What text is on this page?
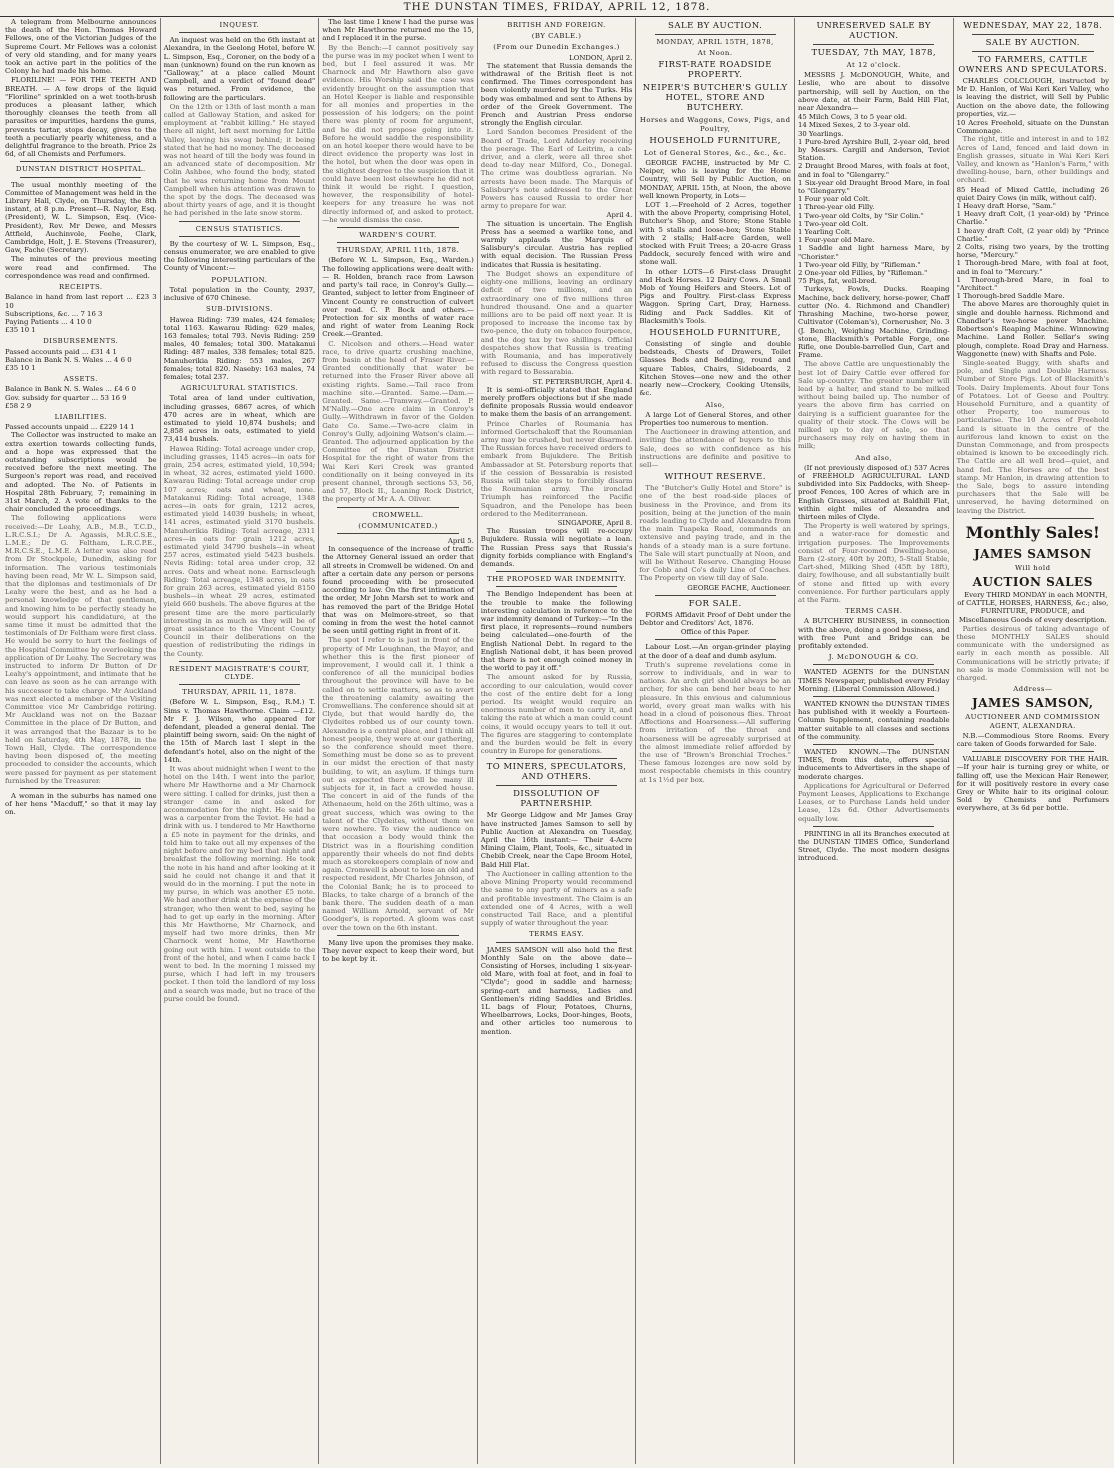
THE DUNSTAN TIMES, FRIDAY, APRIL 12, 1878.
A telegram from Melbourne announces the death of the Hon. Thomas Howard Fellows, one of the Victorian Judges of the Supreme Court. Mr Fellows was a colonist of very old standing, and for many years took an active part in the politics of the Colony he had made his home.
FLORILINE! — FOR THE TEETH AND BREATH. — A few drops of the liquid "Floriline" sprinkled on a wet tooth-brush produces a pleasant lather, which thoroughly cleanses the teeth from all parasites or impurities, hardens the gums, prevents tartar, stops decay, gives to the teeth a peculiarly pearly whiteness, and a delightful fragrance to the breath. Price 2s 6d, of all Chemists and Perfumers.
DUNSTAN DISTRICT HOSPITAL.
The usual monthly meeting of the Committee of Management was held in the Library Hall, Clyde, on Thursday, the 8th instant, at 8 p.m. Present—R. Naylor, Esq. (President), W. L. Simpson, Esq. (Vice-President), Rev. Mr Dewe, and Messrs Attfield, Auchinvole, Feehe, Clark, Cambridge, Holt, J. E. Stevens (Treasurer), Gaw, Fache (Secretary).
The minutes of the previous meeting were read and confirmed. The correspondence was read and confirmed.
RECEIPTS.
Balance in hand from last report ... £23 3 10
Subscriptions, &c. ... 7 16 3
Paying Patients ... 4 10 0
£35 10 1
DISBURSEMENTS.
Passed accounts paid ... £31 4 1
Balance in Bank N. S. Wales ... 4 6 0
£35 10 1
ASSETS.
Balance in Bank N. S. Wales ... £4 6 0
Gov. subsidy for quarter ... 53 16 9
£58 2 9
LIABILITIES.
Passed accounts unpaid ... £229 14 1
The Collector was instructed to make an extra exertion towards collecting funds, and a hope was expressed that the outstanding subscriptions would be received before the next meeting. The Surgeon's report was read, and received and adopted. The No. of Patients in Hospital 28th February, 7; remaining in 31st March, 2. A vote of thanks to the chair concluded the proceedings.
The following applications were received:—Dr Leahy, A.B., M.B., T.C.D., L.R.C.S.I.; Dr A. Agassis, M.R.C.S.E., L.M.E.; Dr G. Feltham, L.R.C.P.E., M.R.C.S.E., L.M.E. A letter was also read from Dr Stockpole, Dunedin, asking for information. The various testimonials having been read, Mr W. L. Simpson said, that the diplomas and testimonials of Dr Leahy were the best, and as he had a personal knowledge of that gentleman, and knowing him to be perfectly steady he would support his candidature, at the same time it must be admitted that the testimonials of Dr Feltham were first class. He would be sorry to hurt the feelings of the Hospital Committee by overlooking the application of Dr Leahy. The Secretary was instructed to inform Dr Button of Dr Leahy's appointment, and intimate that he can leave as soon as he can arrange with his successor to take charge. Mr Auckland was next elected a member of the Visiting Committee vice Mr Cambridge retiring. Mr Auckland was not on the Bazaar Committee in the place of Dr Button, and it was arranged that the Bazaar is to be held on Saturday, 4th May, 1878, in the Town Hall, Clyde. The correspondence having been disposed of, the meeting proceeded to consider the accounts, which were passed for payment as per statement furnished by the Treasurer.
A woman in the suburbs has named one of her hens "Macduff," so that it may lay on.
INQUEST.
An inquest was held on the 6th instant at Alexandra, in the Geelong Hotel, before W. L. Simpson, Esq., Coroner, on the body of a man (unknown) found on the run known as "Galloway," at a place called Mount Campbell, and a verdict of "found dead" was returned. From evidence, the following are the particulars.
On the 12th or 13th of last month a man called at Galloway Station, and asked for employment at "rabbit killing." He stayed there all night, left next morning for Little Valley, leaving his swag behind; it being stated that he had no money. The deceased was not heard of till the body was found in an advanced state of decomposition. Mr Colin Ashbee, who found the body, stated that he was returning home from Mount Campbell when his attention was drawn to the spot by the dogs. The deceased was about thirty years of age, and it is thought he had perished in the late snow storm.
CENSUS STATISTICS.
By the courtesy of W. L. Simpson, Esq., census enumerator, we are enabled to give the following interesting particulars of the County of Vincent:—
POPULATION.
Total population in the County, 2937, inclusive of 670 Chinese.
SUB-DIVISIONS.
Hawea Riding: 739 males, 424 females; total 1163. Kawarau Riding: 629 males, 163 females; total 793. Nevis Riding: 259 males, 40 females; total 300. Matakanui Riding: 487 males, 338 females; total 825. Manuherikia Riding: 553 males, 267 females; total 820. Naseby: 163 males, 74 females; total 237.
AGRICULTURAL STATISTICS.
Total area of land under cultivation, including grasses, 6867 acres, of which 470 acres are in wheat, which are estimated to yield 10,874 bushels; and 2,858 acres in oats, estimated to yield 73,414 bushels.
Hawea Riding: Total acreage under crop, including grasses, 1145 acres—in oats for grain, 254 acres, estimated yield, 10,594; in wheat, 32 acres, estimated yield 1600. Kawarau Riding: Total acreage under crop 107 acres; oats and wheat, none. Matakanui Riding: Total acreage, 1348 acres—in oats for grain, 1212 acres, estimated yield 14039 bushels; in wheat, 141 acres, estimated yield 3170 bushels. Manuherikia Riding: Total acreage, 2311 acres—in oats for grain 1212 acres, estimated yield 34790 bushels—in wheat 257 acres, estimated yield 5423 bushels. Nevis Riding: total area under crop, 32 acres. Oats and wheat none. Earnscleugh Riding: Total acreage, 1348 acres, in oats for grain 263 acres, estimated yield 8150 bushels—in wheat 29 acres, estimated yield 660 bushels. The above figures at the present time are the more particularly interesting in as much as they will be of great assistance to the Vincent County Council in their deliberations on the question of redistributing the ridings in the County.
RESIDENT MAGISTRATE'S COURT, CLYDE.
THURSDAY, APRIL 11, 1878.
(Before W. L. Simpson, Esq., R.M.) T. Sims v. Thomas Hawthorne. Claim —£12. Mr F. J. Wilson, who appeared for defendant, pleaded a general denial. The plaintiff being sworn, said: On the night of the 15th of March last I slept in the defendant's hotel, also on the night of the 14th.
It was about midnight when I went to the hotel on the 14th. I went into the parlor, where Mr Hawthorne and a Mr Charnock were sitting. I called for drinks, just then a stranger came in and asked for accommodation for the night. He said he was a carpenter from the Teviot. He had a drink with us. I tendered to Mr Hawthorne a £5 note in payment for the drinks, and told him to take out all my expenses of the night before and for my bed that night and breakfast the following morning. He took the note in his hand and after looking at it said he could not change it and that it would do in the morning. I put the note in my purse, in which was another £5 note. We had another drink at the expense of the stranger, who then went to bed, saying he had to get up early in the morning. After this Mr Hawthorne, Mr Charnock, and myself had two more drinks, then Mr Charnock went home, Mr Hawthorne going out with him. I went outside to the front of the hotel, and when I came back I went to bed. In the morning I missed my purse, which I had left in my trousers pocket. I then told the landlord of my loss and a search was made, but no trace of the purse could be found.
The last time I knew I had the purse was when Mr Hawthorne returned me the 15, and I replaced it in the purse.
By the Bench:—I cannot positively say the purse was in my pocket when I went to bed, but I feel assured it was. Mr Charnock and Mr Hawthorn also gave evidence. His Worship said the case was evidently brought on the assumption that an Hotel Keeper is liable and responsible for all monies and properties in the possession of his lodgers; on the point there was plenty of room for argument, and he did not propose going into it. Before he would saddle the responsibility on an hotel keeper there would have to be direct evidence the property was lost in the hotel, but when the door was open in the slightest degree to the suspicion that it could have been lost elsewhere he did not think it would be right. I question, however, the responsibility of hotel-keepers for any treasure he was not directly informed of, and asked to protect.—he would dismiss the case.
WARDEN'S COURT.
THURSDAY, APRIL 11th, 1878.
(Before W. L. Simpson, Esq., Warden.) The following applications were dealt with:— R. Holden, branch race from Lawson and party's tail race, in Conroy's Gully.— Granted, subject to letter from Engineer of Vincent County re construction of culvert over road. C. P. Bock and others.—Protection for six months of water race and right of water from Leaning Rock Creek.—Granted.
C. Nicolson and others.—Head water race, to drive quartz crushing machine, from basin at the head of Fraser River.—Granted conditionally that water be returned into the Fraser River above all existing rights. Same.—Tail race from machine site.—Granted. Same.—Dam.—Granted. Same.—Tramway.—Granted. P. M'Nally.—One acre claim in Conroy's Gully.—Withdrawn in favor of the Golden Gate Co. Same.—Two-acre claim in Conroy's Gully, adjoining Watson's claim.—Granted. The adjourned application by the Committee of the Dunstan District Hospital for the right of water from the Wai Keri Keri Creek was granted conditionally on it being conveyed in its present channel, through sections 53, 56, and 57, Block II., Leaning Rock District, the property of Mr A. A. Oliver.
CROMWELL.
(COMMUNICATED.)
April 5.
In consequence of the increase of traffic the Attorney General issued an order that all streets in Cromwell be widened. On and after a certain date any person or persons found proceeding with be prosecuted according to law. On the first intimation of the order, Mr John Marsh set to work and has removed the part of the Bridge Hotel that was on Melmore-street, so that coming in from the west the hotel cannot be seen until getting right in front of it.
The spot I refer to is just in front of the property of Mr Loughnan, the Mayor, and whether this is the first pioneer of improvement, I would call it. I think a conference of all the municipal bodies throughout the province will have to be called on to settle matters, so as to avert the threatening calamity awaiting the Cromwellians. The conference should sit at Clyde, but that would hardly do, the Clydeites robbed us of our county town. Alexandra is a central place, and I think all honest people, they were at our gathering, so the conference should meet there. Something must be done so as to prevent in our midst the erection of that nasty building, to wit, an asylum. If things turn out as expected there will be many ill subjects for it, in fact a crowded house. The concert in aid of the funds of the Athenaeum, held on the 26th ultimo, was a great success, which was owing to the talent of the Clydeites, without them we were nowhere. To view the audience on that occasion a body would think the District was in a flourishing condition apparently their wheels do not find debts much as storekeepers complain of now and again. Cromwell is about to lose an old and respected resident, Mr Charles Johnson, of the Colonial Bank; he is to proceed to Blacks, to take charge of a branch of the bank there. The sudden death of a man named William Arnold, servant of Mr Goodger's, is reported. A gloom was cast over the town on the 6th instant.
Many live upon the promises they make. They never expect to keep their word, but to be kept by it.
BRITISH AND FOREIGN.
(BY CABLE.)
(From our Dunedin Exchanges.)
LONDON, April 2.
The statement that Russia demands the withdrawal of the British fleet is not confirmed. The Times correspondent has been violently murdered by the Turks. His body was embalmed and sent to Athens by order of the Greek Government. The French and Austrian Press endorse strongly the English circular.
Lord Sandon becomes President of the Board of Trade, Lord Adderley receiving the peerage. The Earl of Leitrim, a cab-driver, and a clerk, were all three shot dead to-day near Milford, Co., Donegal. The crime was doubtless agrarian. No arrests have been made. The Marquis of Salisbury's note addressed to the Great Powers has caused Russia to order her army to prepare for war.
April 4.
The situation is uncertain. The English Press has a seemed a warlike tone, and warmly applauds the Marquis of Salisbury's circular. Austria has replied with equal decision. The Russian Press indicates that Russia is hesitating.
The Budget shows an expenditure of eighty-one millions, leaving an ordinary deficit of two millions, and an extraordinary one of five millions three hundred thousand. One and a quarter millions are to be paid off next year. It is proposed to increase the income tax by two-pence, the duty on tobacco fourpence, and the dog tax by two shillings. Official despatches show that Russia is treating with Roumania, and has imperatively refused to discuss the Congress question with regard to Bessarabia.
ST. PETERSBURGH, April 4.
It is semi-officially stated that England merely proffers objections but if she made definite proposals Russia would endeavor to make them the basis of an arrangement.
Prince Charles of Roumania has informed Gortschakoff that the Roumanian army may be crushed, but never disarmed. The Russian forces have received orders to embark from Bujukdere. The British Ambassador at St. Petersburg reports that if the cession of Bessarabia is resisted Russia will take steps to forcibly disarm the Roumanian army. The ironclad Triumph has reinforced the Pacific Squadron, and the Penelope has been ordered to the Mediterranean.
SINGAPORE, April 8.
The Russian troops will re-occupy Bujukdere. Russia will negotiate a loan. The Russian Press says that Russia's dignity forbids compliance with England's demands.
THE PROPOSED WAR INDEMNITY.
The Bendigo Independent has been at the trouble to make the following interesting calculation in reference to the war indemnity demand of Turkey:—"In the first place, it represents—round numbers being calculated—one-fourth of the English National Debt. In regard to the English National debt, it has been proved that there is not enough coined money in the world to pay it off."
The amount asked for by Russia, according to our calculation, would cover the cost of the entire debt for a long period. Its weight would require an enormous number of men to carry it, and taking the rate at which a man could count coins, it would occupy years to tell it out. The figures are staggering to contemplate and the burden would be felt in every country in Europe for generations.
TO MINERS, SPECULATORS, AND OTHERS.
DISSOLUTION OF PARTNERSHIP.
Mr George Lidgow and Mr James Gray have instructed James Samson to sell by Public Auction at Alexandra on Tuesday, April the 16th instant:— Their 4-Acre Mining Claim, Plant, Tools, &c., situated in Chebib Creek, near the Cape Broom Hotel, Bald Hill Flat.
The Auctioneer in calling attention to the above Mining Property would recommend the same to any party of miners as a safe and profitable investment. The Claim is an extended one of 4 Acres, with a well constructed Tail Race, and a plentiful supply of water throughout the year.
TERMS EASY.
JAMES SAMSON will also hold the first Monthly Sale on the above date—Consisting of Horses, including 1 six-year-old Mare, with foal at foot, and in foal to "Clyde"; good in saddle and harness; spring-cart and harness, Ladies and Gentlemen's riding Saddles and Bridles. 1L bags of Flour, Potatoes, Churns, Wheelbarrows, Locks, Door-hinges, Boots, and other articles too numerous to mention.
SALE BY AUCTION.
MONDAY, APRIL 15TH, 1878,
At Noon.
FIRST-RATE ROADSIDE PROPERTY.
NEIPER'S BUTCHER'S GULLY HOTEL, STORE AND BUTCHERY.
Horses and Waggons, Cows, Pigs, and Poultry,
HOUSEHOLD FURNITURE,
Lot of General Stores, &c., &c., &c.
GEORGE FACHE, instructed by Mr C. Neiper, who is leaving for the Home Country, will Sell by Public Auction, on MONDAY, APRIL 15th, at Noon, the above well known Property, in Lots—
LOT 1.—Freehold of 2 Acres, together with the above Property, comprising Hotel, Butcher's Shop, and Store; Stone Stable with 5 stalls and loose-box; Stone Stable with 2 stalls; Half-acre Garden, well stocked with Fruit Trees; a 20-acre Grass Paddock, securely fenced with wire and stone wall.
In other LOTS—6 First-class Draught and Hack Horses. 12 Dairy Cows. A Small Mob of Young Heifers and Steers. Lot of Pigs and Poultry. First-class Express Waggon. Spring Cart, Dray, Harness. Riding and Pack Saddles. Kit of Blacksmith's Tools.
HOUSEHOLD FURNITURE,
Consisting of single and double bedsteads, Chests of Drawers, Toilet Glasses Beds and Bedding, round and square Tables, Chairs, Sideboards, 2 Kitchen Stoves—one new and the other nearly new—Crockery, Cooking Utensils, &c.
Also,
A large Lot of General Stores, and other Properties too numerous to mention.
The Auctioneer in drawing attention, and inviting the attendance of buyers to this Sale, does so with confidence as his instructions are definite and positive to sell—
WITHOUT RESERVE.
The "Butcher's Gully Hotel and Store" is one of the best road-side places of business in the Province, and from its position, being at the junction of the main roads leading to Clyde and Alexandra from the main Tuapeka Road, commands an extensive and paying trade, and in the hands of a steady man is a sure fortune. The Sale will start punctually at Noon, and will be Without Reserve. Changing House for Cobb and Co's daily Line of Coaches. The Property on view till day of Sale.
GEORGE FACHE, Auctioneer.
FOR SALE.
FORMS Affidavit Proof of Debt under the Debtor and Creditors' Act, 1876.
Office of this Paper.
Labour Lost.—An organ-grinder playing at the door of a deaf and dumb asylum.
Truth's supreme revelations come in sorrow to individuals, and in war to nations. An arch girl should always be an archer, for she can bend her beau to her pleasure. In this envious and calumnious world, every great man walks with his head in a cloud of poisonous flies. Throat Affections and Hoarseness.—All suffering from irritation of the throat and hoarseness will be agreeably surprised at the almost immediate relief afforded by the use of "Brown's Bronchial Troches." These famous lozenges are now sold by most respectable chemists in this country at 1s 1½d per box.
UNRESERVED SALE BY AUCTION.
TUESDAY, 7th MAY, 1878,
At 12 o'clock.
MESSRS J. McDONOUGH, White, and Leslie, who are about to dissolve partnership, will sell by Auction, on the above date, at their Farm, Bald Hill Flat, near Alexandra—
45 Milch Cows, 3 to 5 year old.
14 Mixed Sexes, 2 to 3-year old.
30 Yearlings.
1 Pure-bred Ayrshire Bull, 2-year old, bred by Messrs. Cargill and Anderson, Teviot Station.
2 Draught Brood Mares, with foals at foot, and in foal to "Glengarry."
1 Six-year old Draught Brood Mare, in foal to "Glengarry."
1 Four year old Colt.
1 Three-year old Filly.
1 Two-year old Colts, by "Sir Colin."
1 Two-year old Colt.
1 Yearling Colt.
1 Four-year old Mare.
1 Saddle and light harness Mare, by "Chorister."
1 Two-year old Filly, by "Rifleman."
2 One-year old Fillies, by "Rifleman."
75 Pigs, fat, well-bred.
Turkeys, Fowls, Ducks. Reaping Machine, back delivery, horse-power, Chaff cutter (No. 4. Richmond and Chandler) Thrashing Machine, two-horse power, Cultivator (Coleman's), Cornerusher, No. 3 (J. Bench), Weighing Machine, Grinding-stone, Blacksmith's Portable Forge, one Rifle, one Double-barrelled Gun, Cart and Frame.
The above Cattle are unquestionably the best lot of Dairy Cattle ever offered for Sale up-country. The greater number will lead by a halter, and stand to be milked without being bailed up. The number of years the above firm has carried on dairying is a sufficient guarantee for the quality of their stock. The Cows will be milked up to day of sale, so that purchasers may rely on having them in milk;
And also,
(If not previously disposed of.) 537 Acres of FREEHOLD AGRICULTURAL LAND subdivided into Six Paddocks, with Sheep-proof Fences, 100 Acres of which are in English Grasses, situated at Baldhill Flat, within eight miles of Alexandra and thirteen miles of Clyde.
The Property is well watered by springs, and a water-race for domestic and irrigation purposes. The Improvements consist of Four-roomed Dwelling-house, Barn (2-story, 40ft by 20ft), 5-Stall Stable, Cart-shed, Milking Shed (45ft by 18ft), dairy, fowlhouse, and all substantially built of stone and fitted up with every convenience. For further particulars apply at the Farm.
TERMS CASH.
A BUTCHERY BUSINESS, in connection with the above, doing a good business, and with free Punt and Bridge can be profitably extended.
J. McDONOUGH & CO.
WANTED AGENTS for the DUNSTAN TIMES Newspaper, published every Friday Morning. (Liberal Commission Allowed.)
WANTED KNOWN the DUNSTAN TIMES has published with it weekly a Fourteen-Column Supplement, containing readable matter suitable to all classes and sections of the community.
WANTED KNOWN.—The DUNSTAN TIMES, from this date, offers special inducements to Advertisers in the shape of moderate charges.
Applications for Agricultural or Deferred Payment Leases, Applications to Exchange Leases, or to Purchase Lands held under Lease, 12s 6d. Other Advertisements equally low.
PRINTING in all its Branches executed at the DUNSTAN TIMES Office, Sunderland Street, Clyde. The most modern designs introduced.
WEDNESDAY, MAY 22, 1878.
SALE BY AUCTION.
TO FARMERS, CATTLE OWNERS AND SPECULATORS.
CHARLES COLCLOUGH, instructed by Mr D. Hanlon, of Wai Keri Keri Valley, who is leaving the district, will Sell by Public Auction on the above date, the following properties, viz.—
10 Acres Freehold, situate on the Dunstan Commonage.
The right, title and interest in and to 182 Acres of Land, fenced and laid down in English grasses, situate in Wai Keri Keri Valley, and known as "Hanlon's Farm," with dwelling-house, barn, other buildings and orchard.
85 Head of Mixed Cattle, including 26 quiet Dairy Cows (in milk, without calf).
1 Heavy draft Horse, "Sam."
1 Heavy draft Colt, (1 year-old) by "Prince Charlie."
1 heavy draft Colt, (2 year old) by "Prince Charlie."
2 Colts, rising two years, by the trotting horse, "Mercury."
1 Thorough-bred Mare, with foal at foot, and in foal to "Mercury."
1 Thorough-bred Mare, in foal to "Architect."
1 Thorough-bred Saddle Mare.
The above Mares are thoroughly quiet in single and double harness. Richmond and Chandler's two-horse power Machine. Robertson's Reaping Machine. Winnowing Machine. Land Roller. Sellar's swing plough, complete. Road Dray and Harness. Waggonette (new) with Shafts and Pole.
Single-seated Buggy, with shafts and pole, and Single and Double Harness. Number of Store Pigs. Lot of Blacksmith's Tools. Dairy Implements. About four Tons of Potatoes. Lot of Geese and Poultry. Household Furniture, and a quantity of other Property, too numerous to particularise. The 10 Acres of Freehold Land is situate in the centre of the auriferous land known to exist on the Dunstan Commonage, and from prospects obtained is known to be exceedingly rich. The Cattle are all well bred—quiet, and hand fed. The Horses are of the best stamp. Mr Hanlon, in drawing attention to the Sale, begs to assure intending purchasers that the Sale will be unreserved, he having determined on leaving the District.
Monthly Sales!
JAMES SAMSON
Will hold
AUCTION SALES
Every THIRD MONDAY in each MONTH, of CATTLE, HORSES, HARNESS, &c.; also, FURNITURE, PRODUCE, and Miscellaneous Goods of every description.
Parties desirous of taking advantage of these MONTHLY SALES should communicate with the undersigned as early in each month as possible. All Communications will be strictly private; if no sale is made Commission will not be charged.
Address—
JAMES SAMSON,
AUCTIONEER AND COMMISSION AGENT, ALEXANDRA.
N.B.—Commodious Store Rooms. Every care taken of Goods forwarded for Sale.
VALUABLE DISCOVERY FOR THE HAIR.—If your hair is turning grey or white, or falling off, use the Mexican Hair Renewer, for it will positively restore in every case Grey or White hair to its original colour. Sold by Chemists and Perfumers everywhere, at 3s 6d per bottle.
